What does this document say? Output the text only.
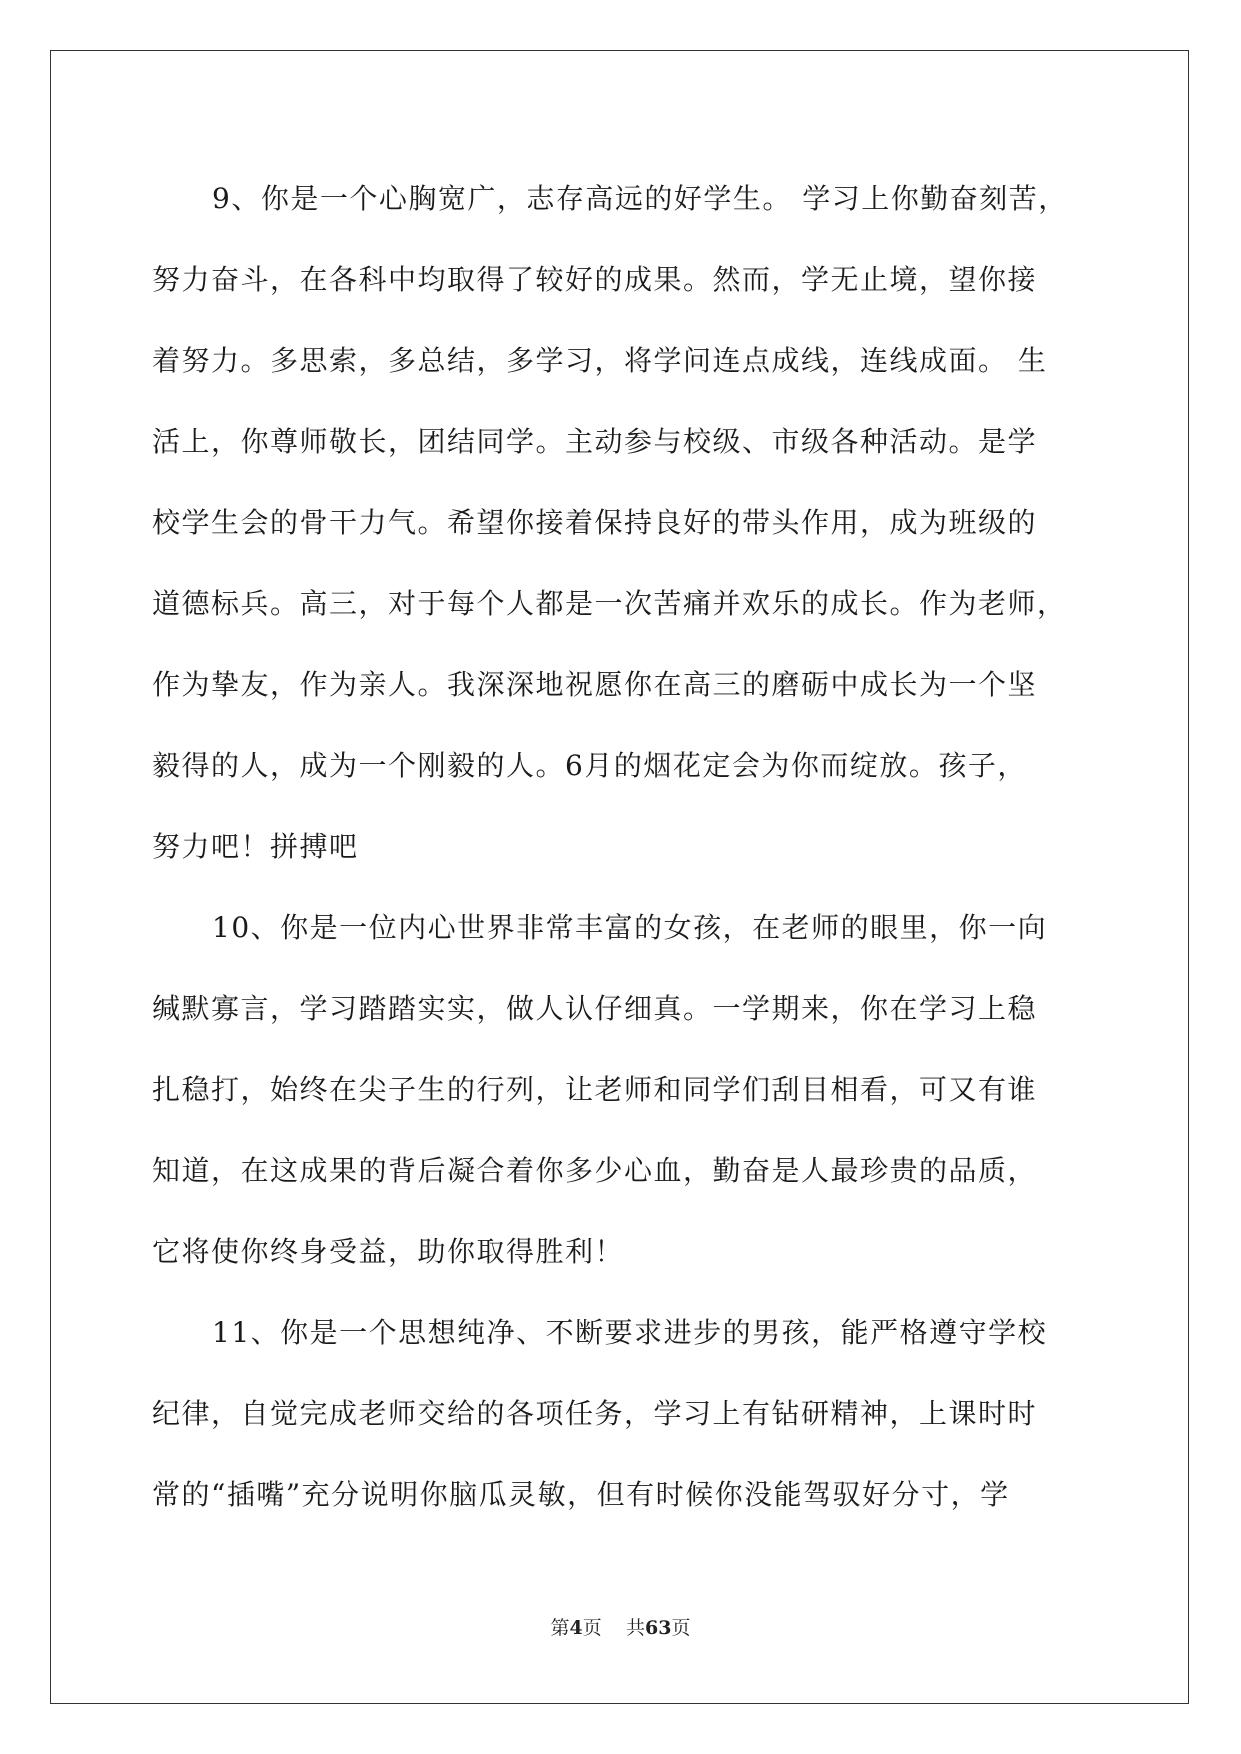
9、你是一个心胸宽广，志存高远的好学生。 学习上你勤奋刻苦，
努力奋斗，在各科中均取得了较好的成果。然而，学无止境，望你接
着努力。多思索，多总结，多学习，将学问连点成线，连线成面。 生
活上，你尊师敬长，团结同学。主动参与校级、市级各种活动。是学
校学生会的骨干力气。希望你接着保持良好的带头作用，成为班级的
道德标兵。高三，对于每个人都是一次苦痛并欢乐的成长。作为老师，
作为挚友，作为亲人。我深深地祝愿你在高三的磨砺中成长为一个坚
毅得的人，成为一个刚毅的人。6月的烟花定会为你而绽放。孩子，
努力吧！拼搏吧
10、你是一位内心世界非常丰富的女孩，在老师的眼里，你一向
缄默寡言，学习踏踏实实，做人认仔细真。一学期来，你在学习上稳
扎稳打，始终在尖子生的行列，让老师和同学们刮目相看，可又有谁
知道，在这成果的背后凝合着你多少心血，勤奋是人最珍贵的品质，
它将使你终身受益，助你取得胜利！
11、你是一个思想纯净、不断要求进步的男孩，能严格遵守学校
纪律，自觉完成老师交给的各项任务，学习上有钻研精神，上课时时
常的“插嘴”充分说明你脑瓜灵敏，但有时候你没能驾驭好分寸，学
第4页 共63页
